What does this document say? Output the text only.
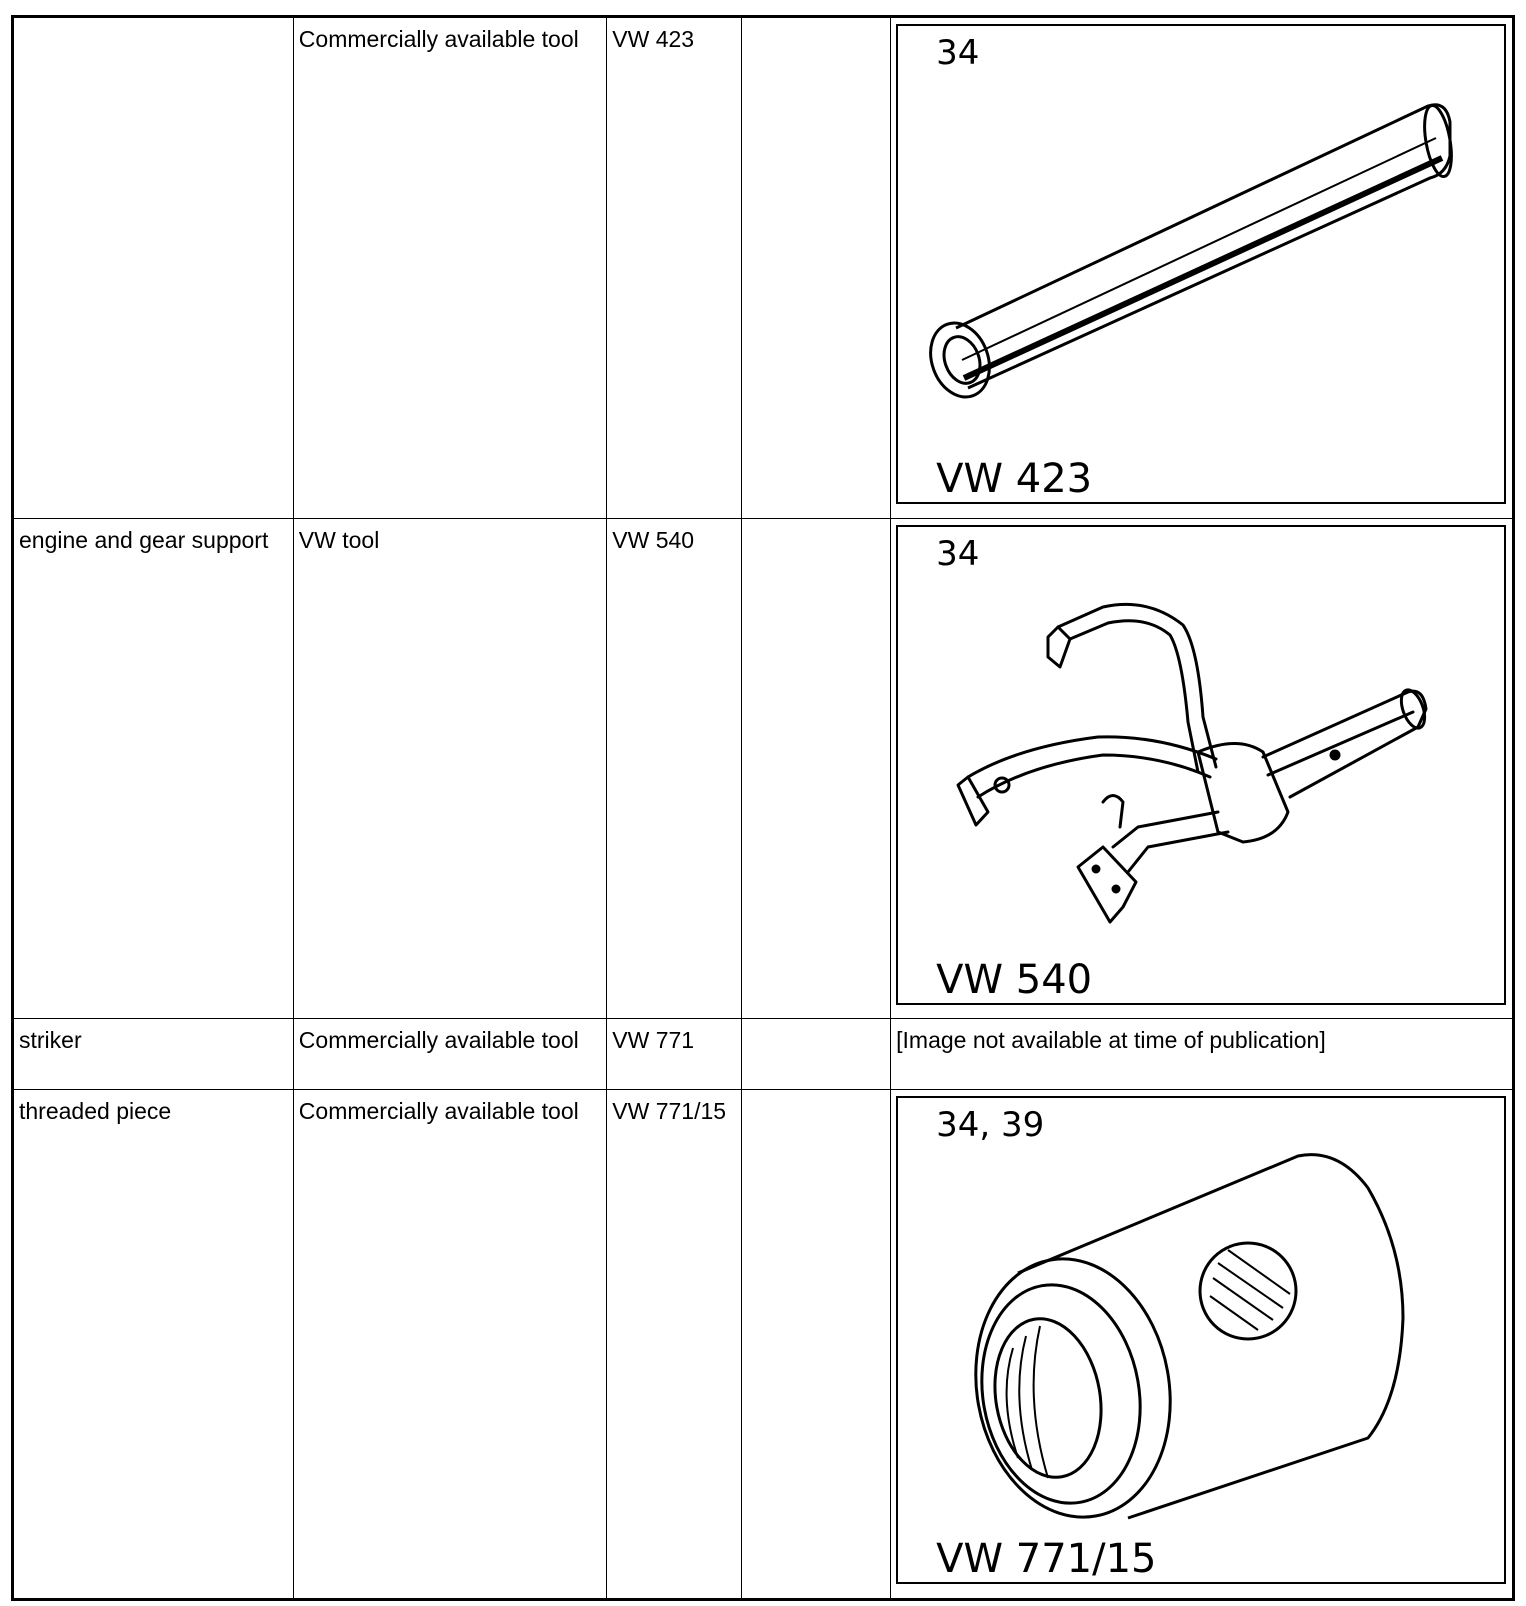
	Commercially available tool	VW 423		34
VW 423

engine and gear support	VW tool	VW 540		34
VW 540

striker	Commercially available tool	VW 771		[Image not available at time of publication]
threaded piece	Commercially available tool	VW 771/15		34, 39
VW 771/15
